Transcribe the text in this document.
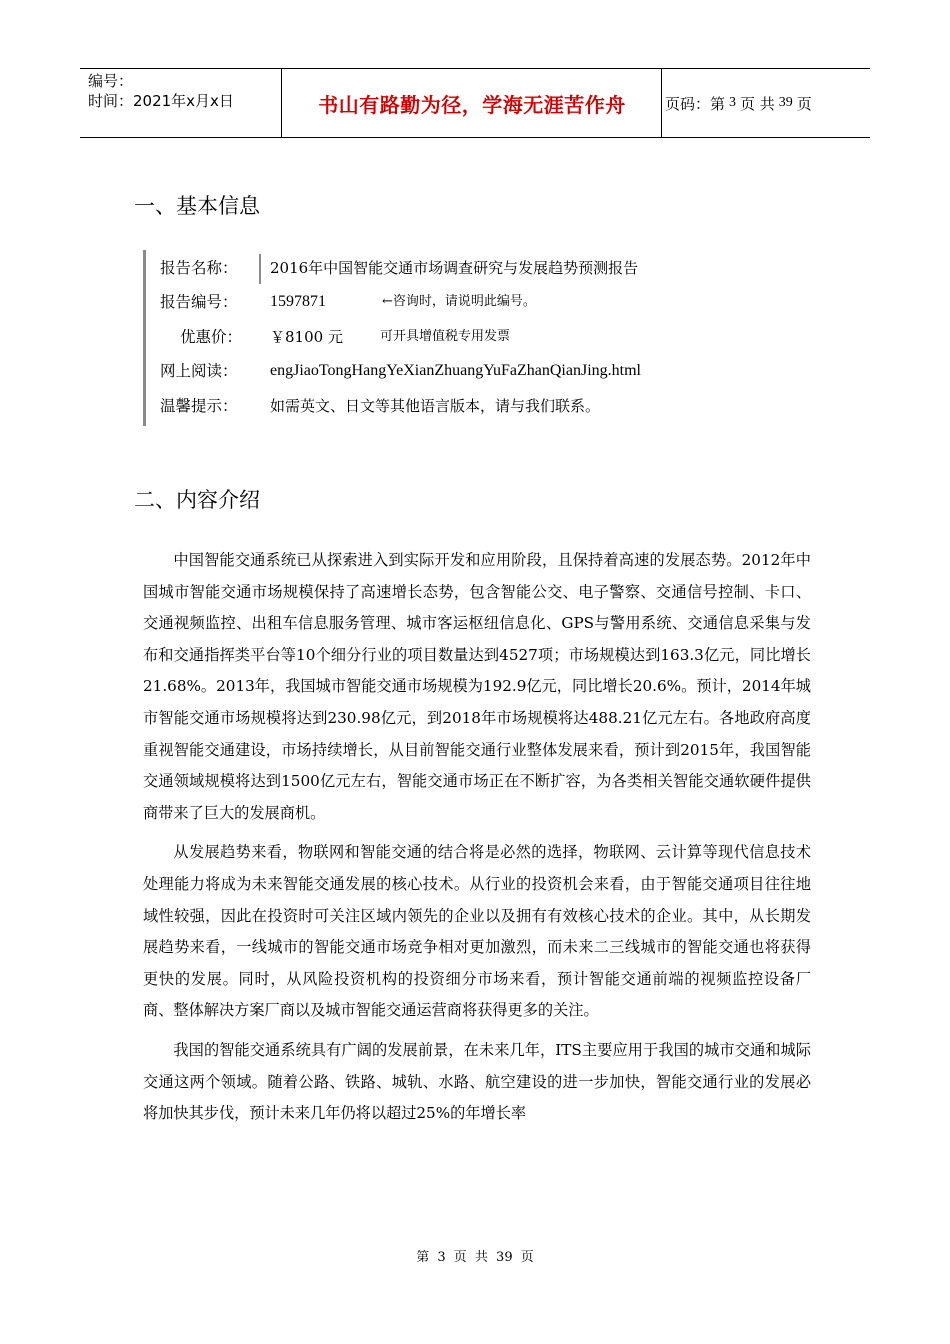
编号：
时间：2021年x月x日	书山有路勤为径，学海无涯苦作舟	页码：第 3 页 共 39 页
一、基本信息
报告名称：	2016年中国智能交通市场调查研究与发展趋势预测报告
报告编号：	1597871	←咨询时，请说明此编号。
优惠价： ￥8100 元	可开具增值税专用发票
网上阅读：	engJiaoTongHangYeXianZhuangYuFaZhanQianJing.html
温馨提示：	如需英文、日文等其他语言版本，请与我们联系。
二、内容介绍

中国智能交通系统已从探索进入到实际开发和应用阶段，且保持着高速的发展态势。2012年中国城市智能交通市场规模保持了高速增长态势，包含智能公交、电子警察、交通信号控制、卡口、交通视频监控、出租车信息服务管理、城市客运枢纽信息化、GPS与警用系统、交通信息采集与发布和交通指挥类平台等10个细分行业的项目数量达到4527项；市场规模达到163.3亿元，同比增长21.68%。2013年，我国城市智能交通市场规模为192.9亿元，同比增长20.6%。预计，2014年城市智能交通市场规模将达到230.98亿元，到2018年市场规模将达488.21亿元左右。各地政府高度重视智能交通建设，市场持续增长，从目前智能交通行业整体发展来看，预计到2015年，我国智能交通领域规模将达到1500亿元左右，智能交通市场正在不断扩容，为各类相关智能交通软硬件提供商带来了巨大的发展商机。

从发展趋势来看，物联网和智能交通的结合将是必然的选择，物联网、云计算等现代信息技术处理能力将成为未来智能交通发展的核心技术。从行业的投资机会来看，由于智能交通项目往往地域性较强，因此在投资时可关注区域内领先的企业以及拥有有效核心技术的企业。其中，从长期发展趋势来看，一线城市的智能交通市场竞争相对更加激烈，而未来二三线城市的智能交通也将获得更快的发展。同时，从风险投资机构的投资细分市场来看，预计智能交通前端的视频监控设备厂商、整体解决方案厂商以及城市智能交通运营商将获得更多的关注。

我国的智能交通系统具有广阔的发展前景，在未来几年，ITS主要应用于我国的城市交通和城际交通这两个领域。随着公路、铁路、城轨、水路、航空建设的进一步加快，智能交通行业的发展必将加快其步伐，预计未来几年仍将以超过25%的年增长率

第 3 页 共 39 页
